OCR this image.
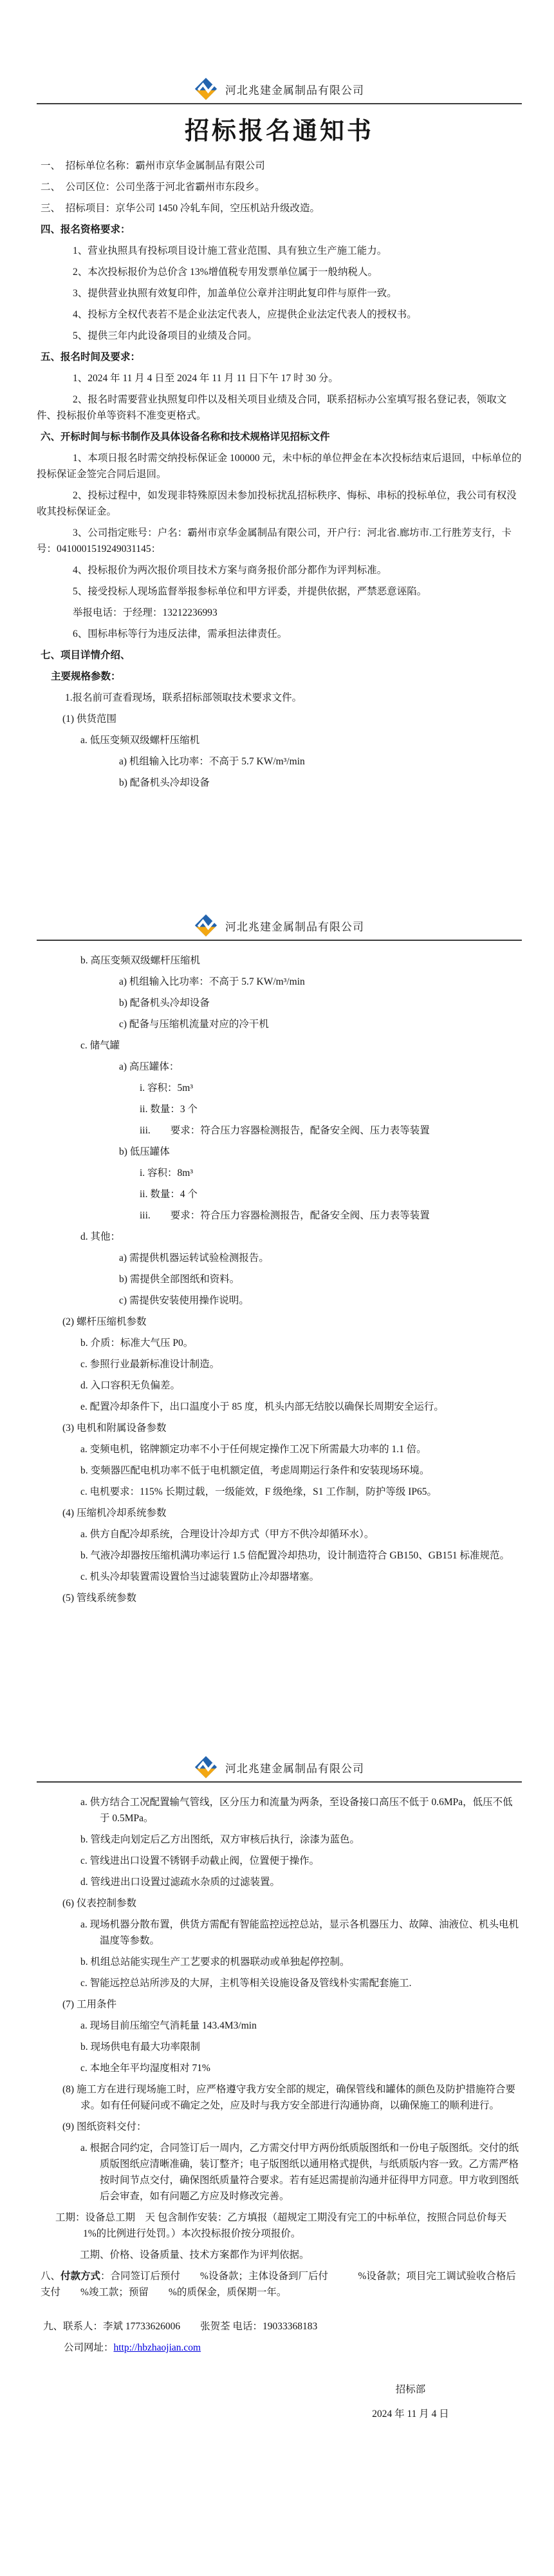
河北兆建金属制品有限公司
招标报名通知书

一、　招标单位名称：霸州市京华金属制品有限公司

二、　公司区位：公司坐落于河北省霸州市东段乡。

三、　招标项目：京华公司 1450 冷轧车间，空压机站升级改造。

四、报名资格要求：

1、营业执照具有投标项目设计施工营业范围、具有独立生产施工能力。

2、本次投标报价为总价含 13%增值税专用发票单位属于一般纳税人。

3、提供营业执照有效复印件，加盖单位公章并注明此复印件与原件一致。

4、投标方全权代表若不是企业法定代表人，应提供企业法定代表人的授权书。

5、提供三年内此设备项目的业绩及合同。

五、报名时间及要求：

1、2024 年 11 月 4 日至 2024 年 11 月 11 日下午 17 时 30 分。

2、报名时需要营业执照复印件以及相关项目业绩及合同，联系招标办公室填写报名登记表，领取文件、投标报价单等资料不准变更格式。

六、开标时间与标书制作及具体设备名称和技术规格详见招标文件

1、本项日报名时需交纳投标保证金 100000 元，未中标的单位押金在本次投标结束后退回，中标单位的投标保证金签完合同后退回。

2、投标过程中，如发现非特殊原因未参加投标扰乱招标秩序、悔标、串标的投标单位，我公司有权没收其投标保证金。

3、公司指定账号：户名：霸州市京华金属制品有限公司，开户行：河北省.廊坊市.工行胜芳支行，卡号：0410001519249031145：

4、投标报价为两次报价项目技术方案与商务报价部分都作为评判标准。

5、接受投标人现场监督举报参标单位和甲方评委，并提供依据，严禁恶意诬陷。

举报电话：于经理：13212236993

6、围标串标等行为违反法律，需承担法律责任。

七、项目详情介绍、

主要规格参数：

1.报名前可查看现场，联系招标部领取技术要求文件。

(1) 供货范围

a. 低压变频双级螺杆压缩机

a) 机组输入比功率：不高于 5.7 KW/m³/min

b) 配备机头冷却设备

河北兆建金属制品有限公司

b. 高压变频双级螺杆压缩机

a) 机组输入比功率：不高于 5.7 KW/m³/min

b) 配备机头冷却设备

c) 配备与压缩机流量对应的冷干机

c. 储气罐

a) 高压罐体：

i. 容积：5m³

ii. 数量：3 个

iii.　　要求：符合压力容器检测报告，配备安全阀、压力表等装置

b) 低压罐体

i. 容积：8m³

ii. 数量：4 个

iii.　　要求：符合压力容器检测报告，配备安全阀、压力表等装置

d. 其他：

a) 需提供机器运转试验检测报告。

b) 需提供全部图纸和资料。

c) 需提供安装使用操作说明。

(2) 螺杆压缩机参数

b. 介质：标准大气压 P0。

c. 参照行业最新标准设计制造。

d. 入口容积无负偏差。

e. 配置冷却条件下，出口温度小于 85 度，机头内部无结胶以确保长周期安全运行。

(3) 电机和附属设备参数

a. 变频电机，铭牌额定功率不小于任何规定操作工况下所需最大功率的 1.1 倍。

b. 变频器匹配电机功率不低于电机额定值，考虑周期运行条件和安装现场环境。

c. 电机要求：115% 长期过载，一级能效，F 级绝缘，S1 工作制，防护等级 IP65。

(4) 压缩机冷却系统参数

a. 供方自配冷却系统，合理设计冷却方式（甲方不供冷却循环水）。

b. 气液冷却器按压缩机满功率运行 1.5 倍配置冷却热功，设计制造符合 GB150、GB151 标准规范。

c. 机头冷却装置需设置恰当过滤装置防止冷却器堵塞。

(5) 管线系统参数

河北兆建金属制品有限公司

a. 供方结合工况配置输气管线，区分压力和流量为两条，至设备接口高压不低于 0.6MPa，低压不低于 0.5MPa。

b. 管线走向划定后乙方出图纸，双方审核后执行，涂漆为蓝色。

c. 管线进出口设置不锈钢手动截止阀，位置便于操作。

d. 管线进出口设置过滤疏水杂质的过滤装置。

(6) 仪表控制参数

a. 现场机器分散布置，供货方需配有智能监控远控总站，显示各机器压力、故障、油液位、机头电机温度等参数。

b. 机组总站能实现生产工艺要求的机器联动或单独起停控制。

c. 智能远控总站所涉及的大屏，主机等相关设施设备及管线朴实需配套施工.

(7) 工用条件

a. 现场目前压缩空气消耗量 143.4M3/min

b. 现场供电有最大功率限制

c. 本地全年平均湿度相对 71%

(8) 施工方在进行现场施工时，应严格遵守我方安全部的规定，确保管线和罐体的颜色及防护措施符合要求。如有任何疑问或不确定之处，应及时与我方安全部进行沟通协商，以确保施工的顺利进行。

(9) 图纸资料交付：

a. 根据合同约定，合同签订后一周内，乙方需交付甲方两份纸质版图纸和一份电子版图纸。交付的纸质版图纸应清晰准确，装订整齐；电子版图纸以通用格式提供，与纸质版内容一致。乙方需严格按时间节点交付，确保图纸质量符合要求。若有延迟需提前沟通并征得甲方同意。甲方收到图纸后会审查，如有问题乙方应及时修改完善。

工期：设备总工期　天 包含制作安装：乙方填报（超规定工期没有完工的中标单位，按照合同总价每天 1%的比例进行处罚。）本次投标报价按分项报价。

工期、价格、设备质量、技术方案都作为评判依据。

八、付款方式：合同签订后预付　　%设备款；主体设备到厂后付　　　%设备款；项目完工调试验收合格后支付　　%竣工款；预留　　%的质保金，质保期一年。

九、联系人：李斌 17733626006　　张贺荃 电话：19033368183

公司网址：http://hbzhaojian.com

招标部
2024 年 11 月 4 日
